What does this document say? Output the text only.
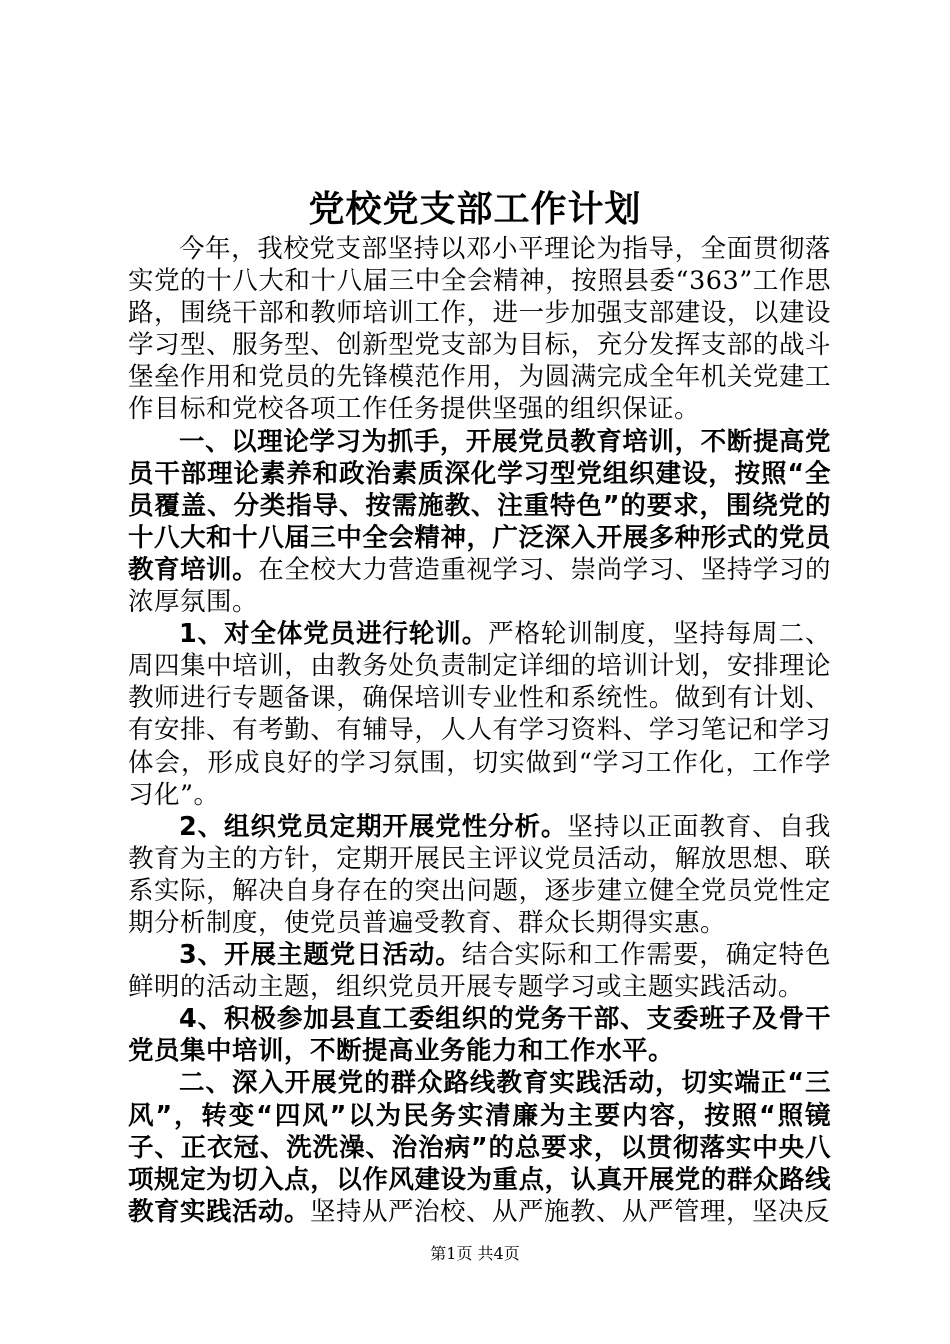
党校党支部工作计划

今年，我校党支部坚持以邓小平理论为指导，全面贯彻落实党的十八大和十八届三中全会精神，按照县委“363”工作思路，围绕干部和教师培训工作，进一步加强支部建设，以建设学习型、服务型、创新型党支部为目标，充分发挥支部的战斗堡垒作用和党员的先锋模范作用，为圆满完成全年机关党建工作目标和党校各项工作任务提供坚强的组织保证。

一、以理论学习为抓手，开展党员教育培训，不断提高党员干部理论素养和政治素质深化学习型党组织建设，按照“全员覆盖、分类指导、按需施教、注重特色”的要求，围绕党的十八大和十八届三中全会精神，广泛深入开展多种形式的党员教育培训。在全校大力营造重视学习、崇尚学习、坚持学习的浓厚氛围。

1、对全体党员进行轮训。严格轮训制度，坚持每周二、周四集中培训，由教务处负责制定详细的培训计划，安排理论教师进行专题备课，确保培训专业性和系统性。做到有计划、有安排、有考勤、有辅导，人人有学习资料、学习笔记和学习体会，形成良好的学习氛围，切实做到“学习工作化，工作学习化”。

2、组织党员定期开展党性分析。坚持以正面教育、自我教育为主的方针，定期开展民主评议党员活动，解放思想、联系实际，解决自身存在的突出问题，逐步建立健全党员党性定期分析制度，使党员普遍受教育、群众长期得实惠。

3、开展主题党日活动。结合实际和工作需要，确定特色鲜明的活动主题，组织党员开展专题学习或主题实践活动。

4、积极参加县直工委组织的党务干部、支委班子及骨干党员集中培训，不断提高业务能力和工作水平。

二、深入开展党的群众路线教育实践活动，切实端正“三风”，转变“四风”以为民务实清廉为主要内容，按照“照镜子、正衣冠、洗洗澡、治治病”的总要求，以贯彻落实中央八项规定为切入点，以作风建设为重点，认真开展党的群众路线教育实践活动。坚持从严治校、从严施教、从严管理，坚决反

第1页 共4页
